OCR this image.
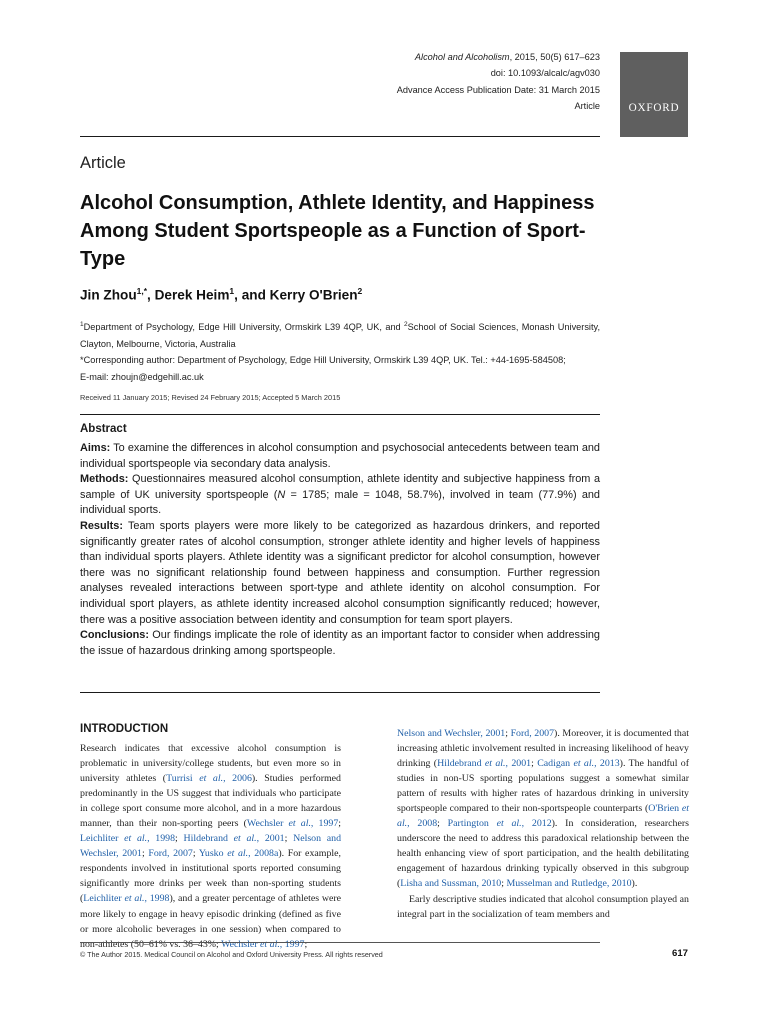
Alcohol and Alcoholism, 2015, 50(5) 617–623
doi: 10.1093/alcalc/agv030
Advance Access Publication Date: 31 March 2015
Article	OXFORD
Article
Alcohol Consumption, Athlete Identity, and Happiness Among Student Sportspeople as a Function of Sport-Type
Jin Zhou$^{1,*}$, Derek Heim$^1$, and Kerry O'Brien$^2$

$^1$Department of Psychology, Edge Hill University, Ormskirk L39 4QP, UK, and $^2$School of Social Sciences, Monash University, Clayton, Melbourne, Victoria, Australia

*Corresponding author: Department of Psychology, Edge Hill University, Ormskirk L39 4QP, UK. Tel.: +44-1695-584508;
E-mail: zhoujn@edgehill.ac.uk

Received 11 January 2015; Revised 24 February 2015; Accepted 5 March 2015
Abstract

Aims: To examine the differences in alcohol consumption and psychosocial antecedents between team and individual sportspeople via secondary data analysis.

Methods: Questionnaires measured alcohol consumption, athlete identity and subjective happiness from a sample of UK university sportspeople (N = 1785; male = 1048, 58.7%), involved in team (77.9%) and individual sports.

Results: Team sports players were more likely to be categorized as hazardous drinkers, and reported significantly greater rates of alcohol consumption, stronger athlete identity and higher levels of happiness than individual sports players. Athlete identity was a significant predictor for alcohol consumption, however there was no significant relationship found between happiness and consumption. Further regression analyses revealed interactions between sport-type and athlete identity on alcohol consumption. For individual sport players, as athlete identity increased alcohol consumption significantly reduced; however, there was a positive association between identity and consumption for team sport players.

Conclusions: Our findings implicate the role of identity as an important factor to consider when addressing the issue of hazardous drinking among sportspeople.

INTRODUCTION

Research indicates that excessive alcohol consumption is problematic in university/college students, but even more so in university athletes (Turrisi et al., 2006). Studies performed predominantly in the US suggest that individuals who participate in college sport consume more alcohol, and in a more hazardous manner, than their non-sporting peers (Wechsler et al., 1997; Leichliter et al., 1998; Hildebrand et al., 2001; Nelson and Wechsler, 2001; Ford, 2007; Yusko et al., 2008a). For example, respondents involved in institutional sports reported consuming significantly more drinks per week than non-sporting students (Leichliter et al., 1998), and a greater percentage of athletes were more likely to engage in heavy episodic drinking (defined as five or more alcoholic beverages in one session) when compared to non-athletes (50–61% vs. 36–43%; Wechsler et al., 1997;

Nelson and Wechsler, 2001; Ford, 2007). Moreover, it is documented that increasing athletic involvement resulted in increasing likelihood of heavy drinking (Hildebrand et al., 2001; Cadigan et al., 2013). The handful of studies in non-US sporting populations suggest a somewhat similar pattern of results with higher rates of hazardous drinking in university sportspeople compared to their non-sportspeople counterparts (O'Brien et al., 2008; Partington et al., 2012). In consideration, researchers underscore the need to address this paradoxical relationship between the health enhancing view of sport participation, and the health debilitating engagement of hazardous drinking typically observed in this subgroup (Lisha and Sussman, 2010; Musselman and Rutledge, 2010).
Early descriptive studies indicated that alcohol consumption played an integral part in the socialization of team members and

© The Author 2015. Medical Council on Alcohol and Oxford University Press. All rights reserved	617
